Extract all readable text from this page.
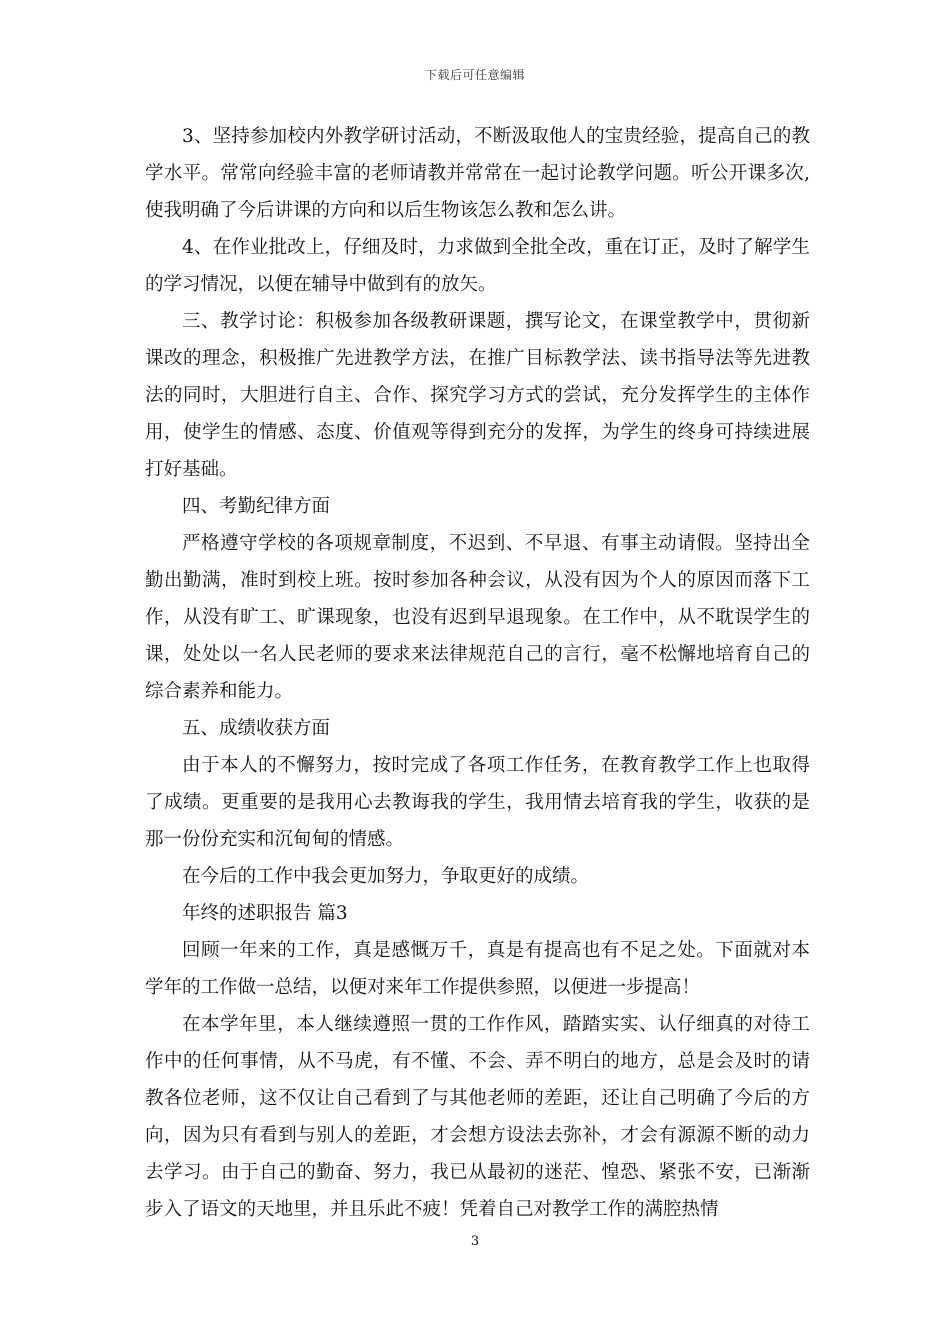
下载后可任意编辑

3、坚持参加校内外教学研讨活动，不断汲取他人的宝贵经验，提高自己的教学水平。常常向经验丰富的老师请教并常常在一起讨论教学问题。听公开课多次,使我明确了今后讲课的方向和以后生物该怎么教和怎么讲。

4、在作业批改上，仔细及时，力求做到全批全改，重在订正，及时了解学生的学习情况，以便在辅导中做到有的放矢。

三、教学讨论：积极参加各级教研课题，撰写论文，在课堂教学中，贯彻新课改的理念，积极推广先进教学方法，在推广目标教学法、读书指导法等先进教法的同时，大胆进行自主、合作、探究学习方式的尝试，充分发挥学生的主体作用，使学生的情感、态度、价值观等得到充分的发挥，为学生的终身可持续进展打好基础。

四、考勤纪律方面

严格遵守学校的各项规章制度，不迟到、不早退、有事主动请假。坚持出全勤出勤满，准时到校上班。按时参加各种会议，从没有因为个人的原因而落下工作，从没有旷工、旷课现象，也没有迟到早退现象。在工作中，从不耽误学生的课，处处以一名人民老师的要求来法律规范自己的言行，毫不松懈地培育自己的综合素养和能力。

五、成绩收获方面

由于本人的不懈努力，按时完成了各项工作任务，在教育教学工作上也取得了成绩。更重要的是我用心去教诲我的学生，我用情去培育我的学生，收获的是那一份份充实和沉甸甸的情感。

在今后的工作中我会更加努力，争取更好的成绩。

年终的述职报告 篇3

回顾一年来的工作，真是感慨万千，真是有提高也有不足之处。下面就对本学年的工作做一总结，以便对来年工作提供参照，以便进一步提高！

在本学年里，本人继续遵照一贯的工作作风，踏踏实实、认仔细真的对待工作中的任何事情，从不马虎，有不懂、不会、弄不明白的地方，总是会及时的请教各位老师，这不仅让自己看到了与其他老师的差距，还让自己明确了今后的方向，因为只有看到与别人的差距，才会想方设法去弥补，才会有源源不断的动力去学习。由于自己的勤奋、努力，我已从最初的迷茫、惶恐、紧张不安，已渐渐步入了语文的天地里，并且乐此不疲！凭着自己对教学工作的满腔热情

3
